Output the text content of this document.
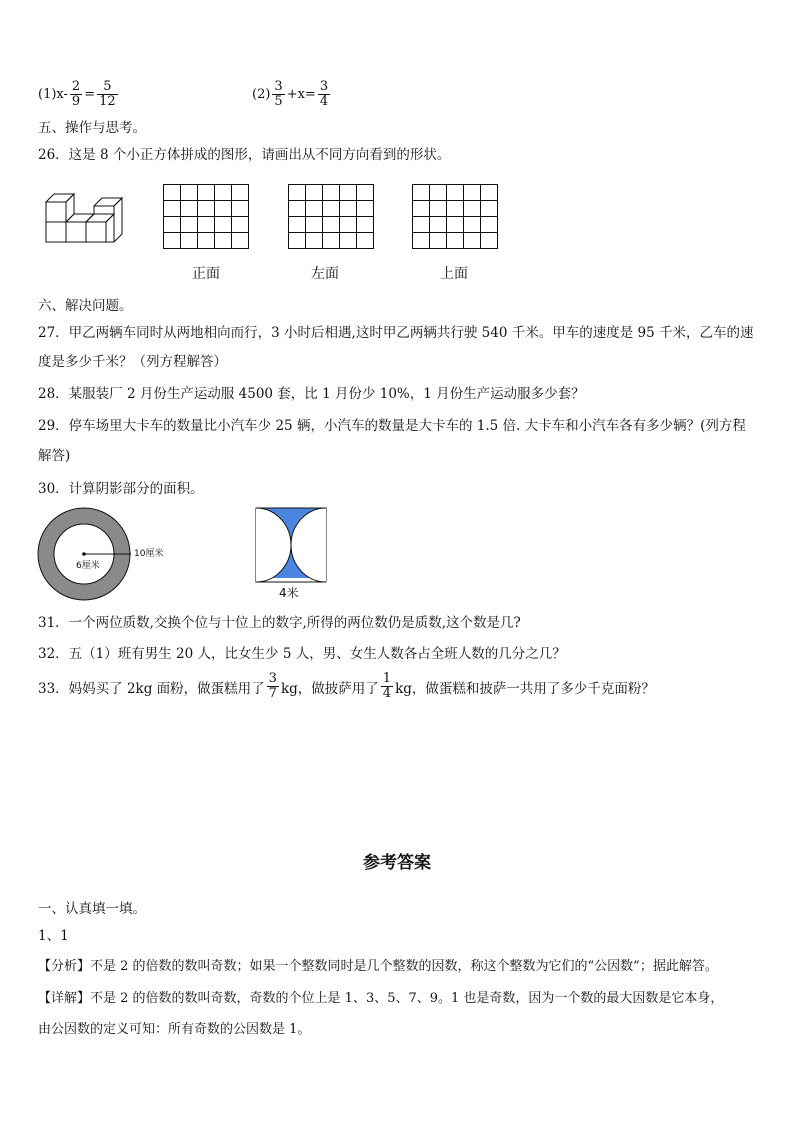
$(1)x- \frac{2}{9} = \frac{5}{12}$	$(2) \frac{3}{5} +x= \frac{3}{4}$
五、操作与思考。
26．这是 8 个小正方体拼成的图形，请画出从不同方向看到的形状。

正面	左面	上面
六、解决问题。
27．甲乙两辆车同时从两地相向而行，3 小时后相遇,这时甲乙两辆共行驶 540 千米。甲车的速度是 95 千米，乙车的速
度是多少千米？（列方程解答）
28．某服装厂 2 月份生产运动服 4500 套，比 1 月份少 10%，1 月份生产运动服多少套？
29．停车场里大卡车的数量比小汽车少 25 辆，小汽车的数量是大卡车的 1.5 倍. 大卡车和小汽车各有多少辆？(列方程
解答)
30．计算阴影部分的面积。
10厘米
6厘米
4米
31．一个两位质数,交换个位与十位上的数字,所得的两位数仍是质数,这个数是几?
32．五（1）班有男生 20 人，比女生少 5 人，男、女生人数各占全班人数的几分之几？
33．妈妈买了 2kg 面粉，做蛋糕用了 $\frac{3}{7}$ kg，做披萨用了 $\frac{1}{4}$ kg，做蛋糕和披萨一共用了多少千克面粉？
参考答案
一、认真填一填。
1、1
【分析】不是 2 的倍数的数叫奇数；如果一个整数同时是几个整数的因数，称这个整数为它们的“公因数”；据此解答。
【详解】不是 2 的倍数的数叫奇数，奇数的个位上是 1、3、5、7、9。1 也是奇数，因为一个数的最大因数是它本身，
由公因数的定义可知：所有奇数的公因数是 1。
